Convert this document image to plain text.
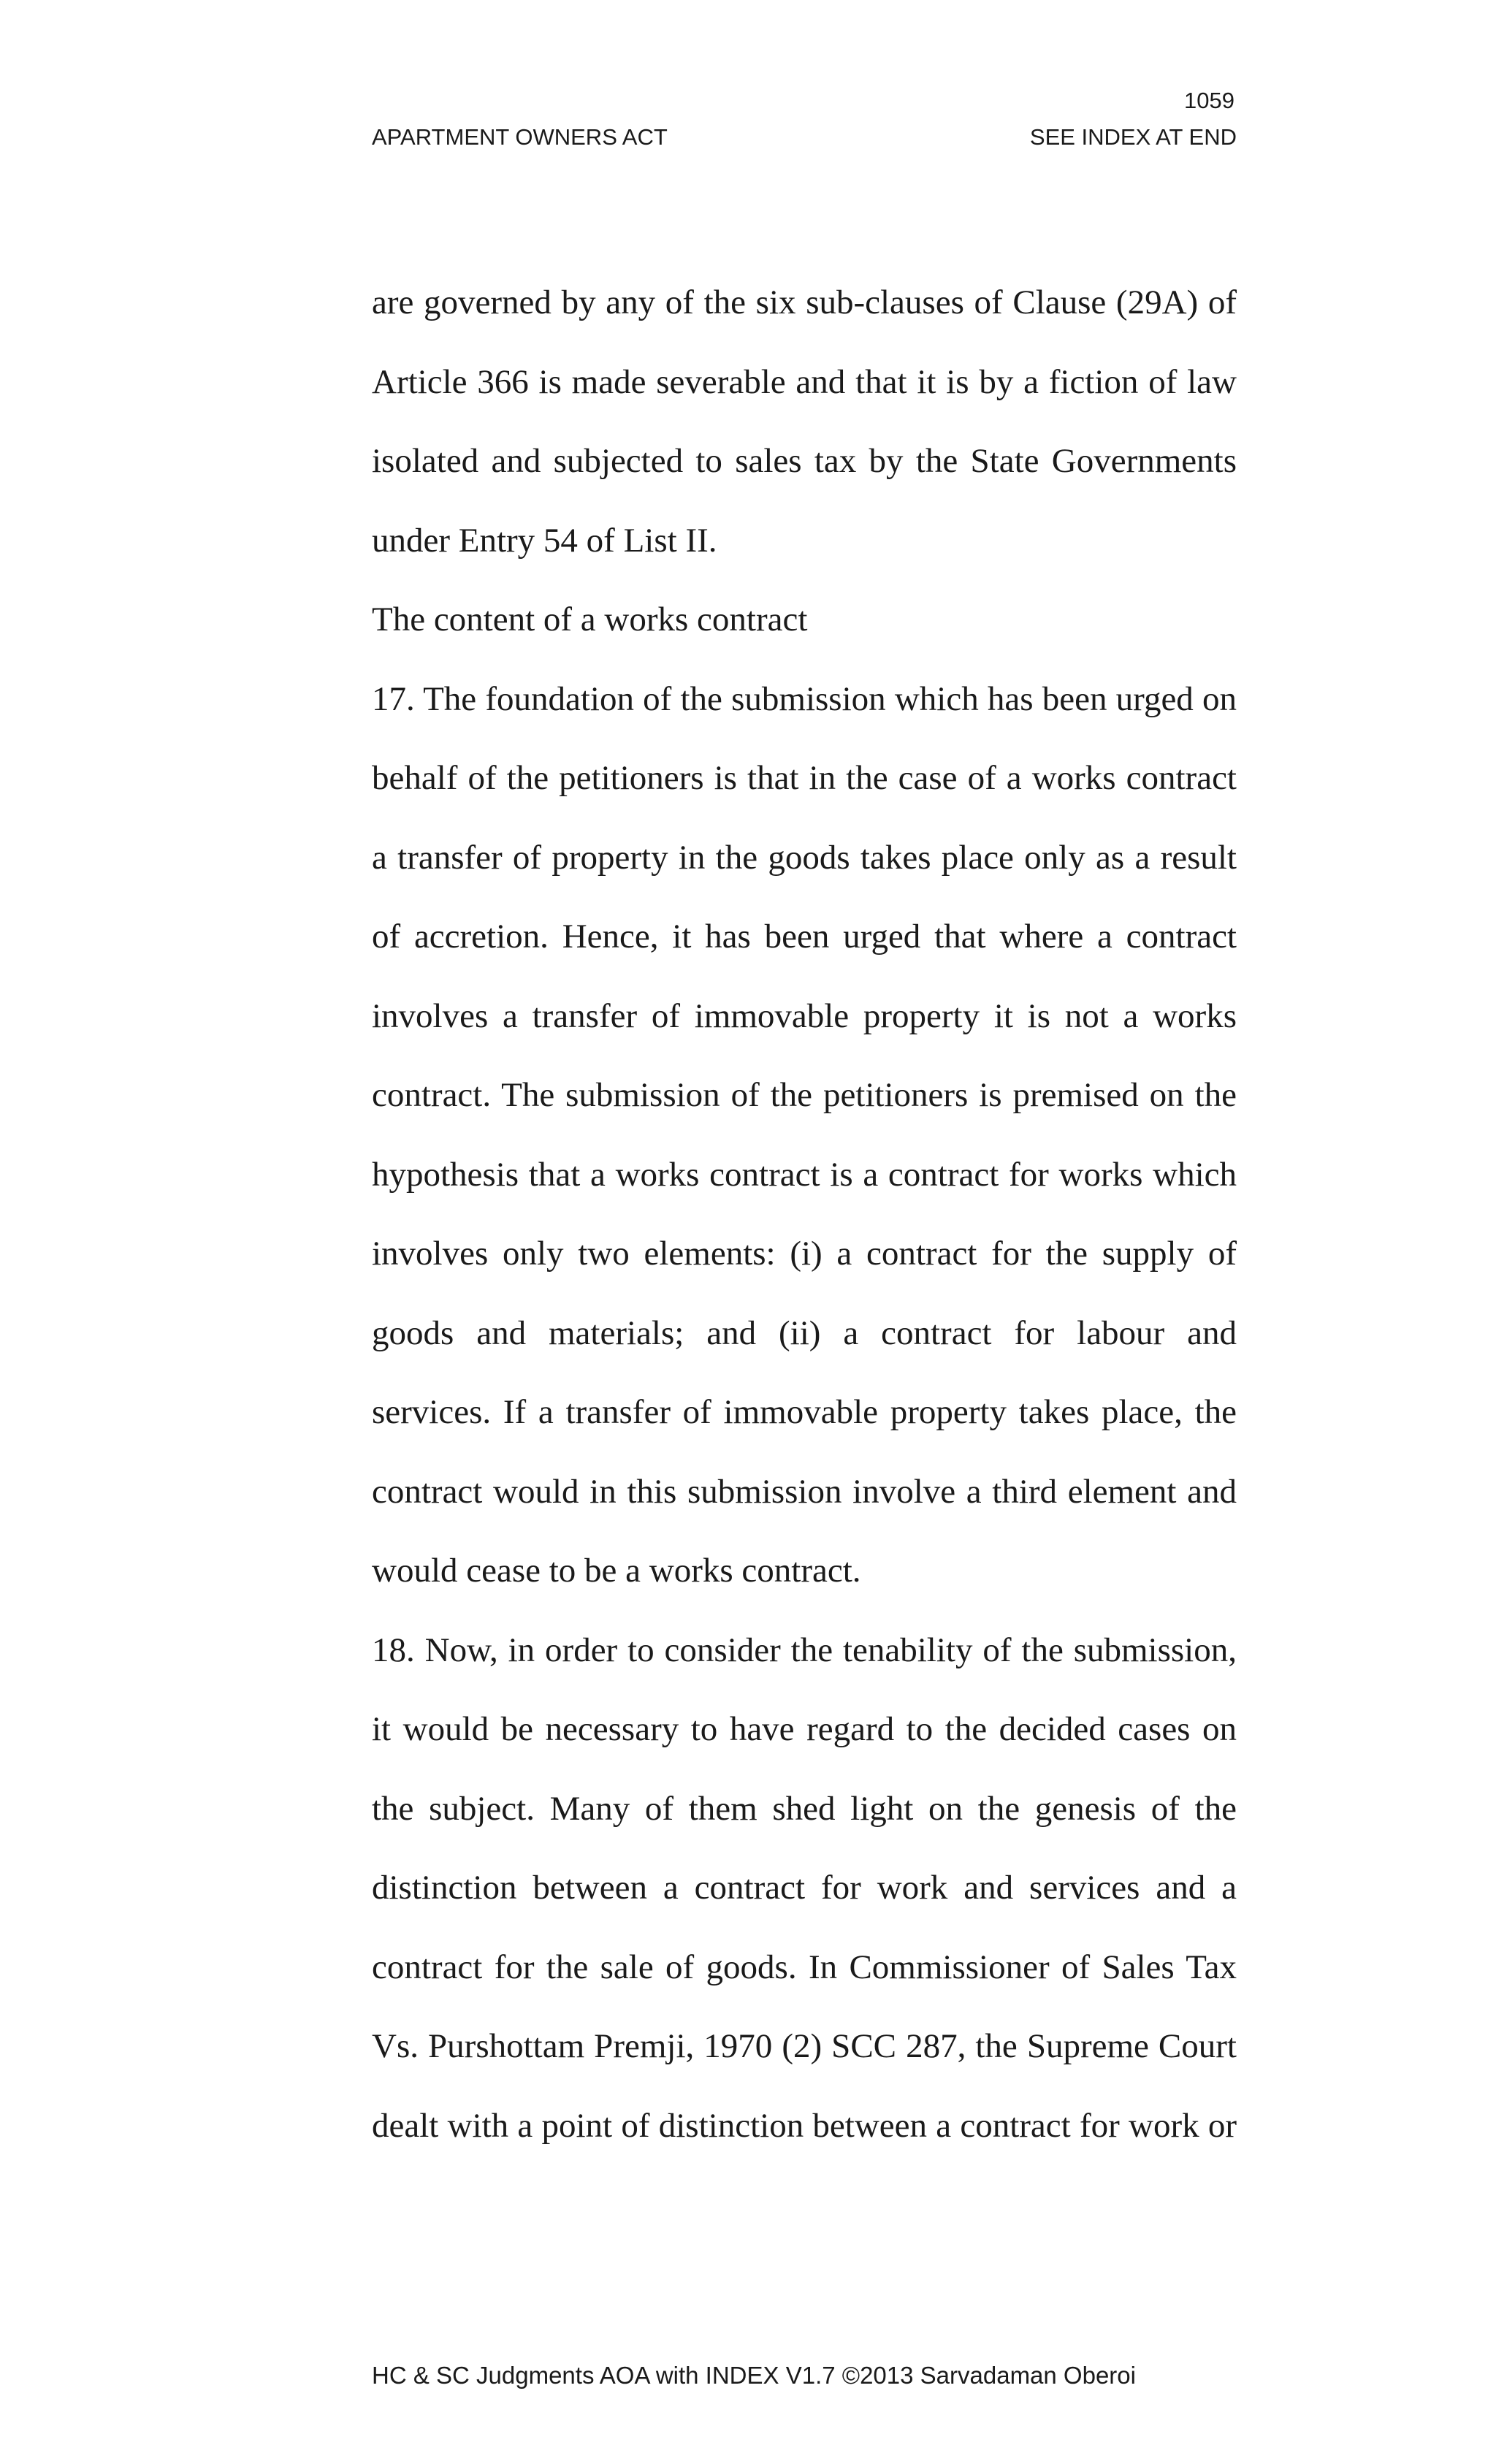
1059
APARTMENT OWNERS ACT	SEE INDEX AT END
are governed by any of the six sub-clauses of Clause (29A) of
Article 366 is made severable and that it is by a fiction of law
isolated and subjected to sales tax by the State Governments
under Entry 54 of List II.
The content of a works contract
17. The foundation of the submission which has been urged on
behalf of the petitioners is that in the case of a works contract
a transfer of property in the goods takes place only as a result
of accretion. Hence, it has been urged that where a contract
involves a transfer of immovable property it is not a works
contract. The submission of the petitioners is premised on the
hypothesis that a works contract is a contract for works which
involves only two elements: (i) a contract for the supply of
goods and materials; and (ii) a contract for labour and
services. If a transfer of immovable property takes place, the
contract would in this submission involve a third element and
would cease to be a works contract.
18. Now, in order to consider the tenability of the submission,
it would be necessary to have regard to the decided cases on
the subject. Many of them shed light on the genesis of the
distinction between a contract for work and services and a
contract for the sale of goods. In Commissioner of Sales Tax
Vs. Purshottam Premji, 1970 (2) SCC 287, the Supreme Court
dealt with a point of distinction between a contract for work or
HC & SC Judgments AOA with INDEX V1.7 ©2013 Sarvadaman Oberoi
